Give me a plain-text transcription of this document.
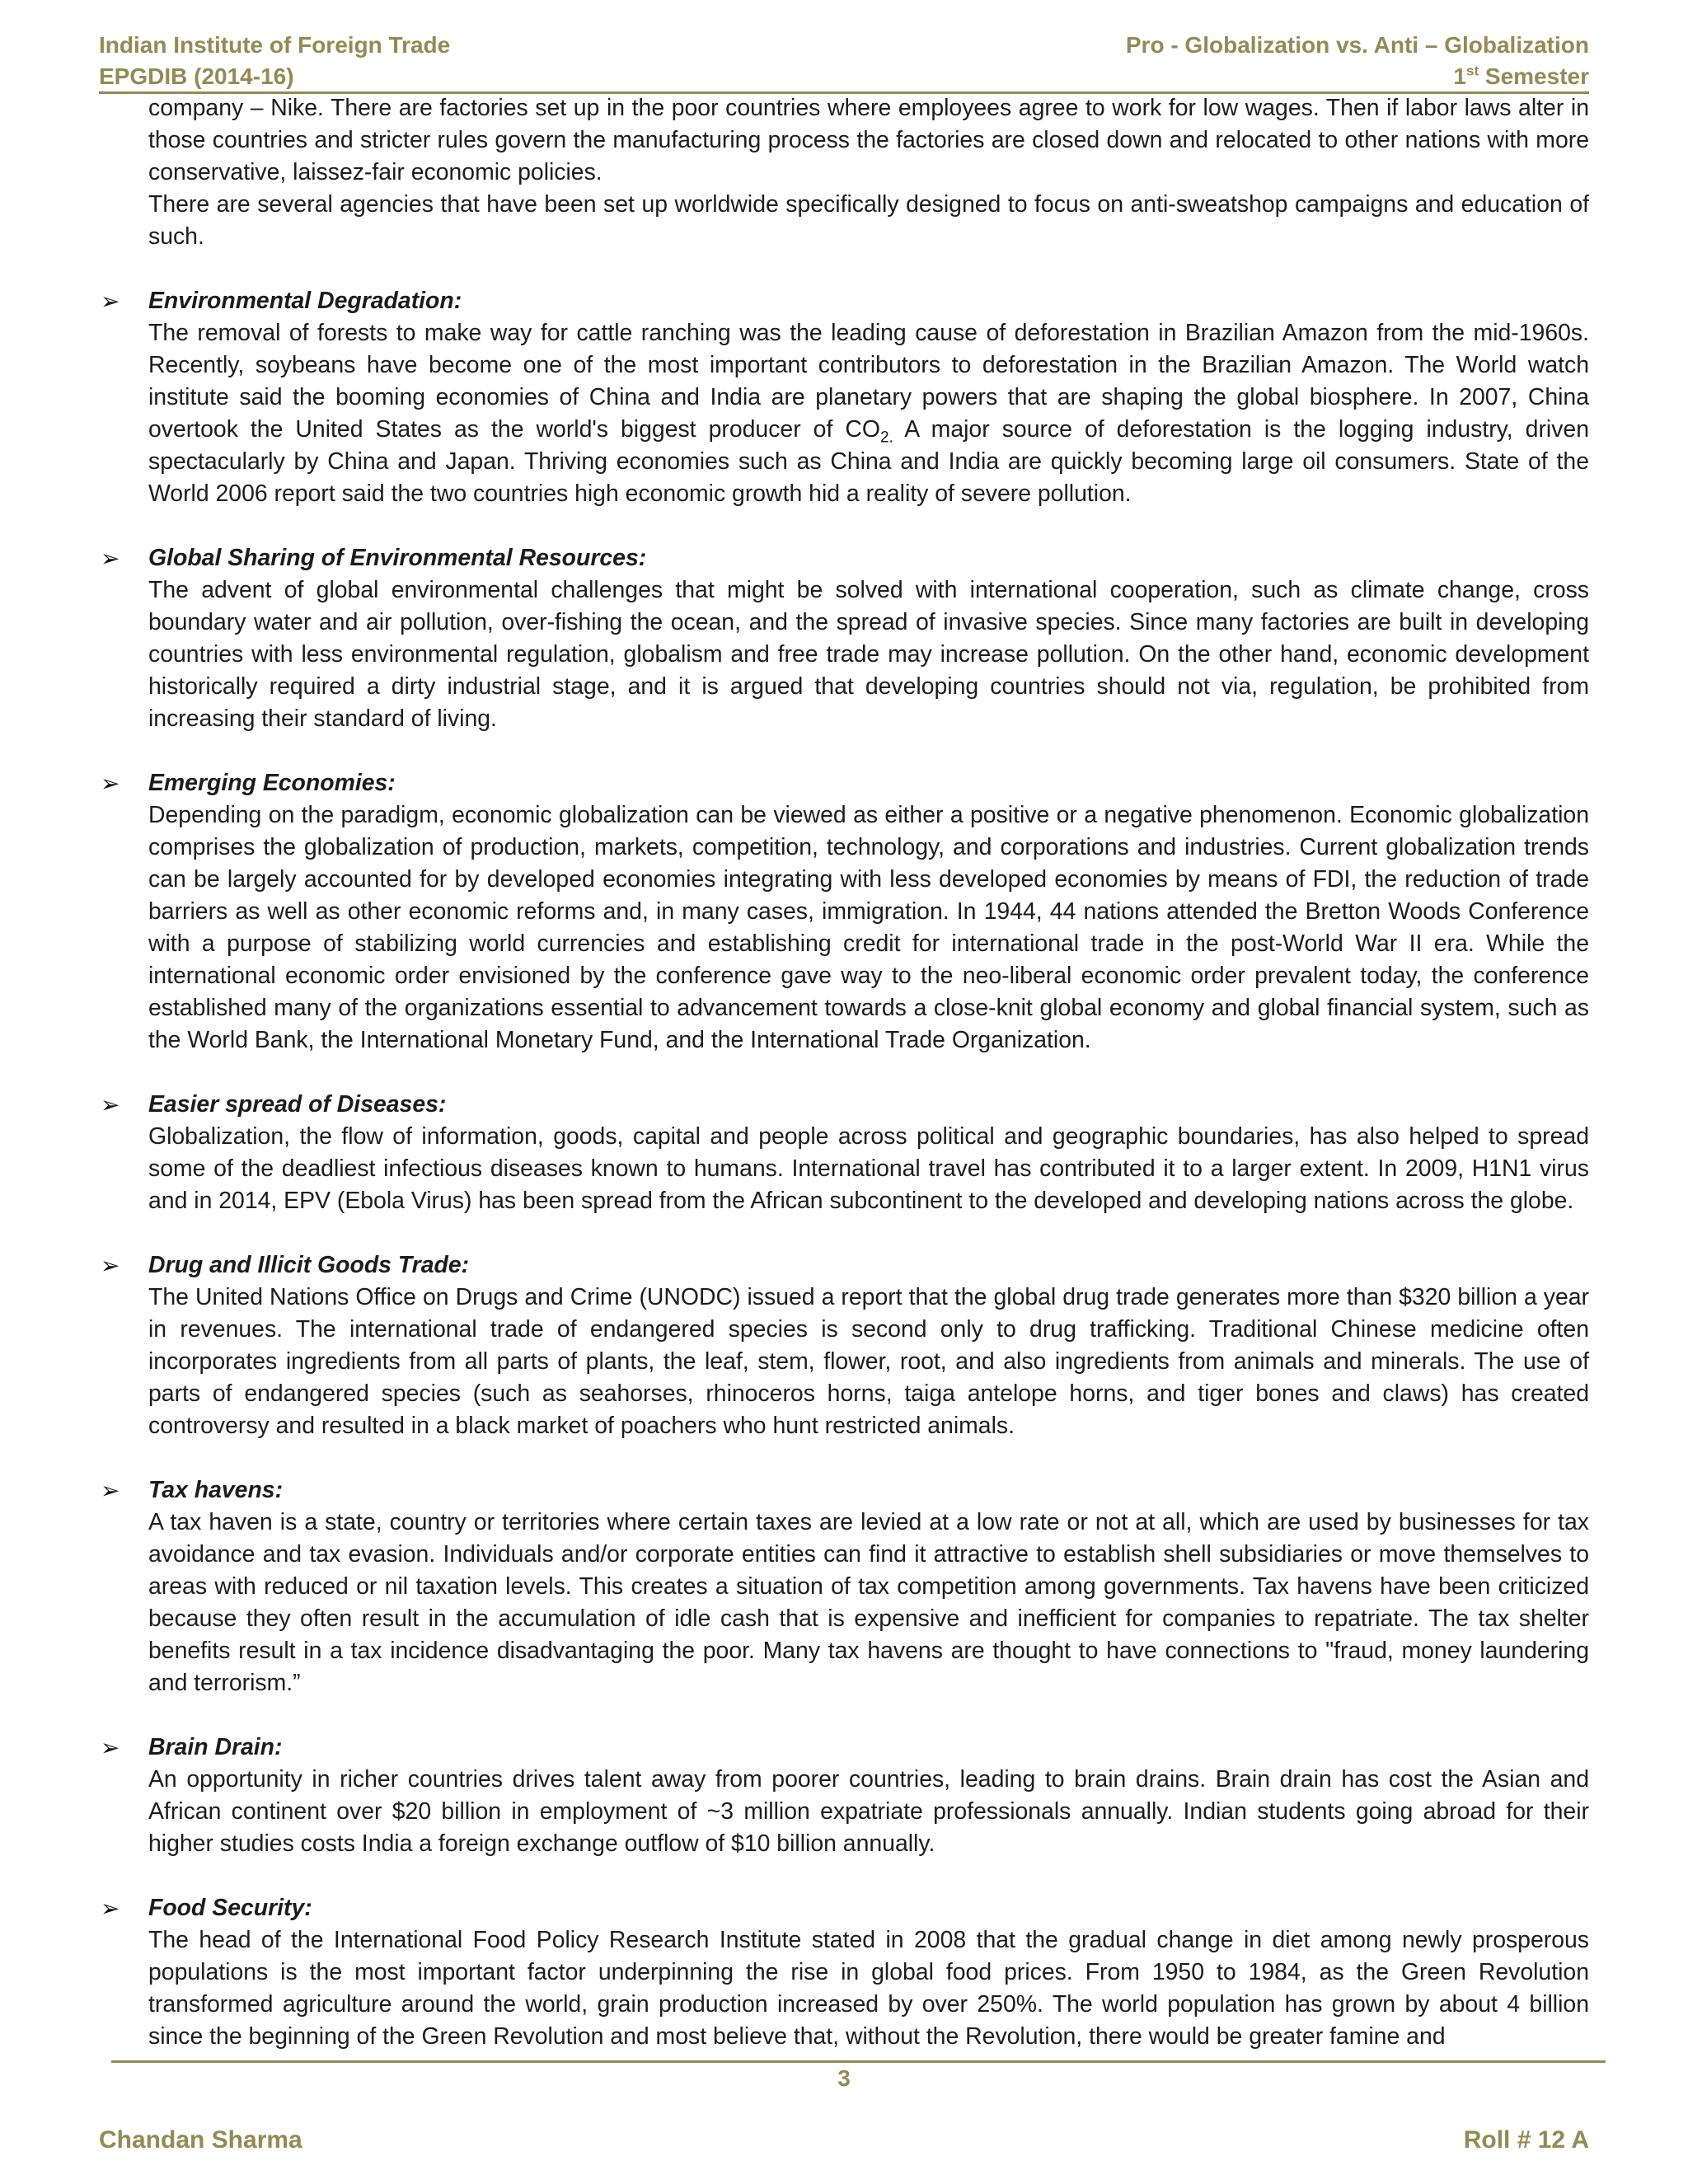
Indian Institute of Foreign Trade	Pro - Globalization vs. Anti – Globalization
EPGDIB (2014-16)	1st Semester

company – Nike. There are factories set up in the poor countries where employees agree to work for low wages. Then if labor laws alter in those countries and stricter rules govern the manufacturing process the factories are closed down and relocated to other nations with more conservative, laissez-fair economic policies.

There are several agencies that have been set up worldwide specifically designed to focus on anti-sweatshop campaigns and education of such.

➢ Environmental Degradation:

The removal of forests to make way for cattle ranching was the leading cause of deforestation in Brazilian Amazon from the mid-1960s. Recently, soybeans have become one of the most important contributors to deforestation in the Brazilian Amazon. The World watch institute said the booming economies of China and India are planetary powers that are shaping the global biosphere. In 2007, China overtook the United States as the world's biggest producer of $CO_{2.}$ A major source of deforestation is the logging industry, driven spectacularly by China and Japan. Thriving economies such as China and India are quickly becoming large oil consumers. State of the World 2006 report said the two countries high economic growth hid a reality of severe pollution.

➢ Global Sharing of Environmental Resources:

The advent of global environmental challenges that might be solved with international cooperation, such as climate change, cross boundary water and air pollution, over-fishing the ocean, and the spread of invasive species. Since many factories are built in developing countries with less environmental regulation, globalism and free trade may increase pollution. On the other hand, economic development historically required a dirty industrial stage, and it is argued that developing countries should not via, regulation, be prohibited from increasing their standard of living.

➢ Emerging Economies:

Depending on the paradigm, economic globalization can be viewed as either a positive or a negative phenomenon. Economic globalization comprises the globalization of production, markets, competition, technology, and corporations and industries. Current globalization trends can be largely accounted for by developed economies integrating with less developed economies by means of FDI, the reduction of trade barriers as well as other economic reforms and, in many cases, immigration. In 1944, 44 nations attended the Bretton Woods Conference with a purpose of stabilizing world currencies and establishing credit for international trade in the post-World War II era. While the international economic order envisioned by the conference gave way to the neo-liberal economic order prevalent today, the conference established many of the organizations essential to advancement towards a close-knit global economy and global financial system, such as the World Bank, the International Monetary Fund, and the International Trade Organization.

➢ Easier spread of Diseases:

Globalization, the flow of information, goods, capital and people across political and geographic boundaries, has also helped to spread some of the deadliest infectious diseases known to humans. International travel has contributed it to a larger extent. In 2009, H1N1 virus and in 2014, EPV (Ebola Virus) has been spread from the African subcontinent to the developed and developing nations across the globe.

➢ Drug and Illicit Goods Trade:

The United Nations Office on Drugs and Crime (UNODC) issued a report that the global drug trade generates more than $320 billion a year in revenues. The international trade of endangered species is second only to drug trafficking. Traditional Chinese medicine often incorporates ingredients from all parts of plants, the leaf, stem, flower, root, and also ingredients from animals and minerals. The use of parts of endangered species (such as seahorses, rhinoceros horns, taiga antelope horns, and tiger bones and claws) has created controversy and resulted in a black market of poachers who hunt restricted animals.

➢ Tax havens:

A tax haven is a state, country or territories where certain taxes are levied at a low rate or not at all, which are used by businesses for tax avoidance and tax evasion. Individuals and/or corporate entities can find it attractive to establish shell subsidiaries or move themselves to areas with reduced or nil taxation levels. This creates a situation of tax competition among governments. Tax havens have been criticized because they often result in the accumulation of idle cash that is expensive and inefficient for companies to repatriate. The tax shelter benefits result in a tax incidence disadvantaging the poor. Many tax havens are thought to have connections to "fraud, money laundering and terrorism.”

➢ Brain Drain:

An opportunity in richer countries drives talent away from poorer countries, leading to brain drains. Brain drain has cost the Asian and African continent over $20 billion in employment of ~3 million expatriate professionals annually. Indian students going abroad for their higher studies costs India a foreign exchange outflow of $10 billion annually.

➢ Food Security:

The head of the International Food Policy Research Institute stated in 2008 that the gradual change in diet among newly prosperous populations is the most important factor underpinning the rise in global food prices. From 1950 to 1984, as the Green Revolution transformed agriculture around the world, grain production increased by over 250%. The world population has grown by about 4 billion since the beginning of the Green Revolution and most believe that, without the Revolution, there would be greater famine and

3
Chandan Sharma	Roll # 12 A
